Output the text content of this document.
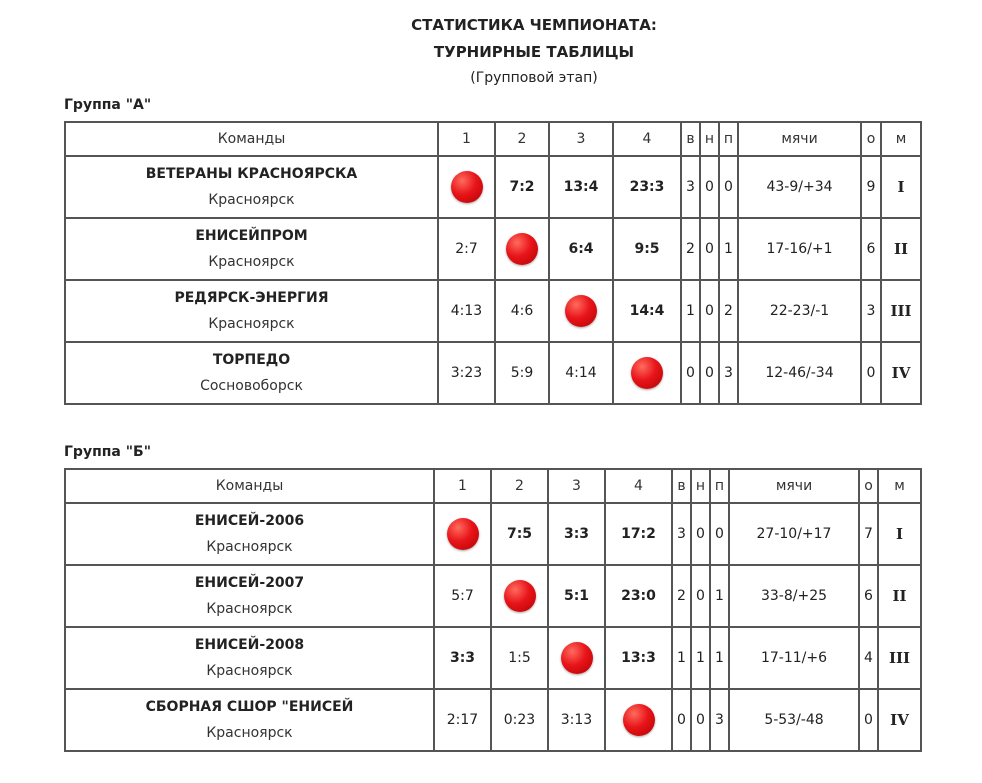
СТАТИСТИКА ЧЕМПИОНАТА:
ТУРНИРНЫЕ ТАБЛИЦЫ
(Групповой этап)
Группа "А"
Команды	1	2	3	4	в	н	п	мячи	о	м

ВЕТЕРАНЫ КРАСНОЯРСКА
Красноярск		7:2	13:4	23:3	3	0	0	43-9/+34	9	I

ЕНИСЕЙПРОМ
Красноярск	2:7		6:4	9:5	2	0	1	17-16/+1	6	II

РЕДЯРСК-ЭНЕРГИЯ
Красноярск	4:13	4:6		14:4	1	0	2	22-23/-1	3	III

ТОРПЕДО
Сосновоборск	3:23	5:9	4:14		0	0	3	12-46/-34	0	IV
Группа "Б"
Команды	1	2	3	4	в	н	п	мячи	о	м

ЕНИСЕЙ-2006
Красноярск		7:5	3:3	17:2	3	0	0	27-10/+17	7	I

ЕНИСЕЙ-2007
Красноярск	5:7		5:1	23:0	2	0	1	33-8/+25	6	II

ЕНИСЕЙ-2008
Красноярск	3:3	1:5		13:3	1	1	1	17-11/+6	4	III

СБОРНАЯ СШОР "ЕНИСЕЙ
Красноярск	2:17	0:23	3:13		0	0	3	5-53/-48	0	IV
